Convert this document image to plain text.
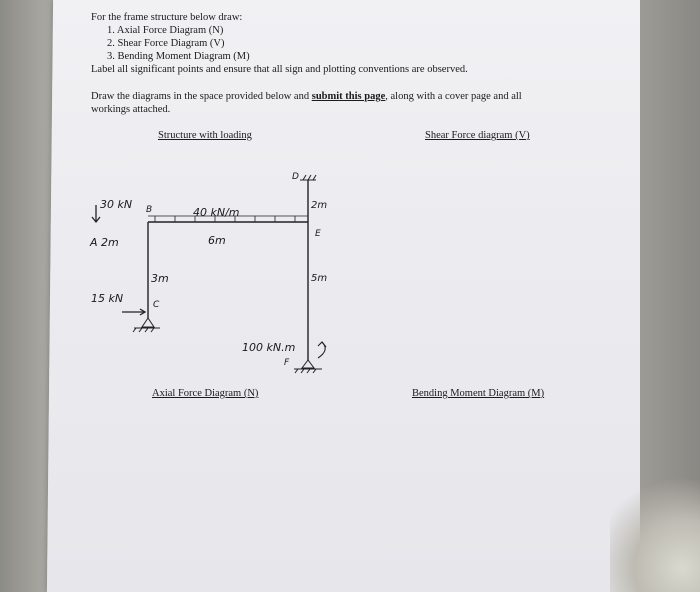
For the frame structure below draw:
1. Axial Force Diagram (N)
2. Shear Force Diagram (V)
3. Bending Moment Diagram (M)
Label all significant points and ensure that all sign and plotting conventions are observed.
Draw the diagrams in the space provided below and submit this page, along with a cover page and all
workings attached.
Structure with loading	Shear Force diagram (V)
Axial Force Diagram (N)	Bending Moment Diagram (M)
30 kN
A 2m
B	40 kN/m
6m
3m
15 kN	C
D
2m
E
5m
100 kN.m
F
